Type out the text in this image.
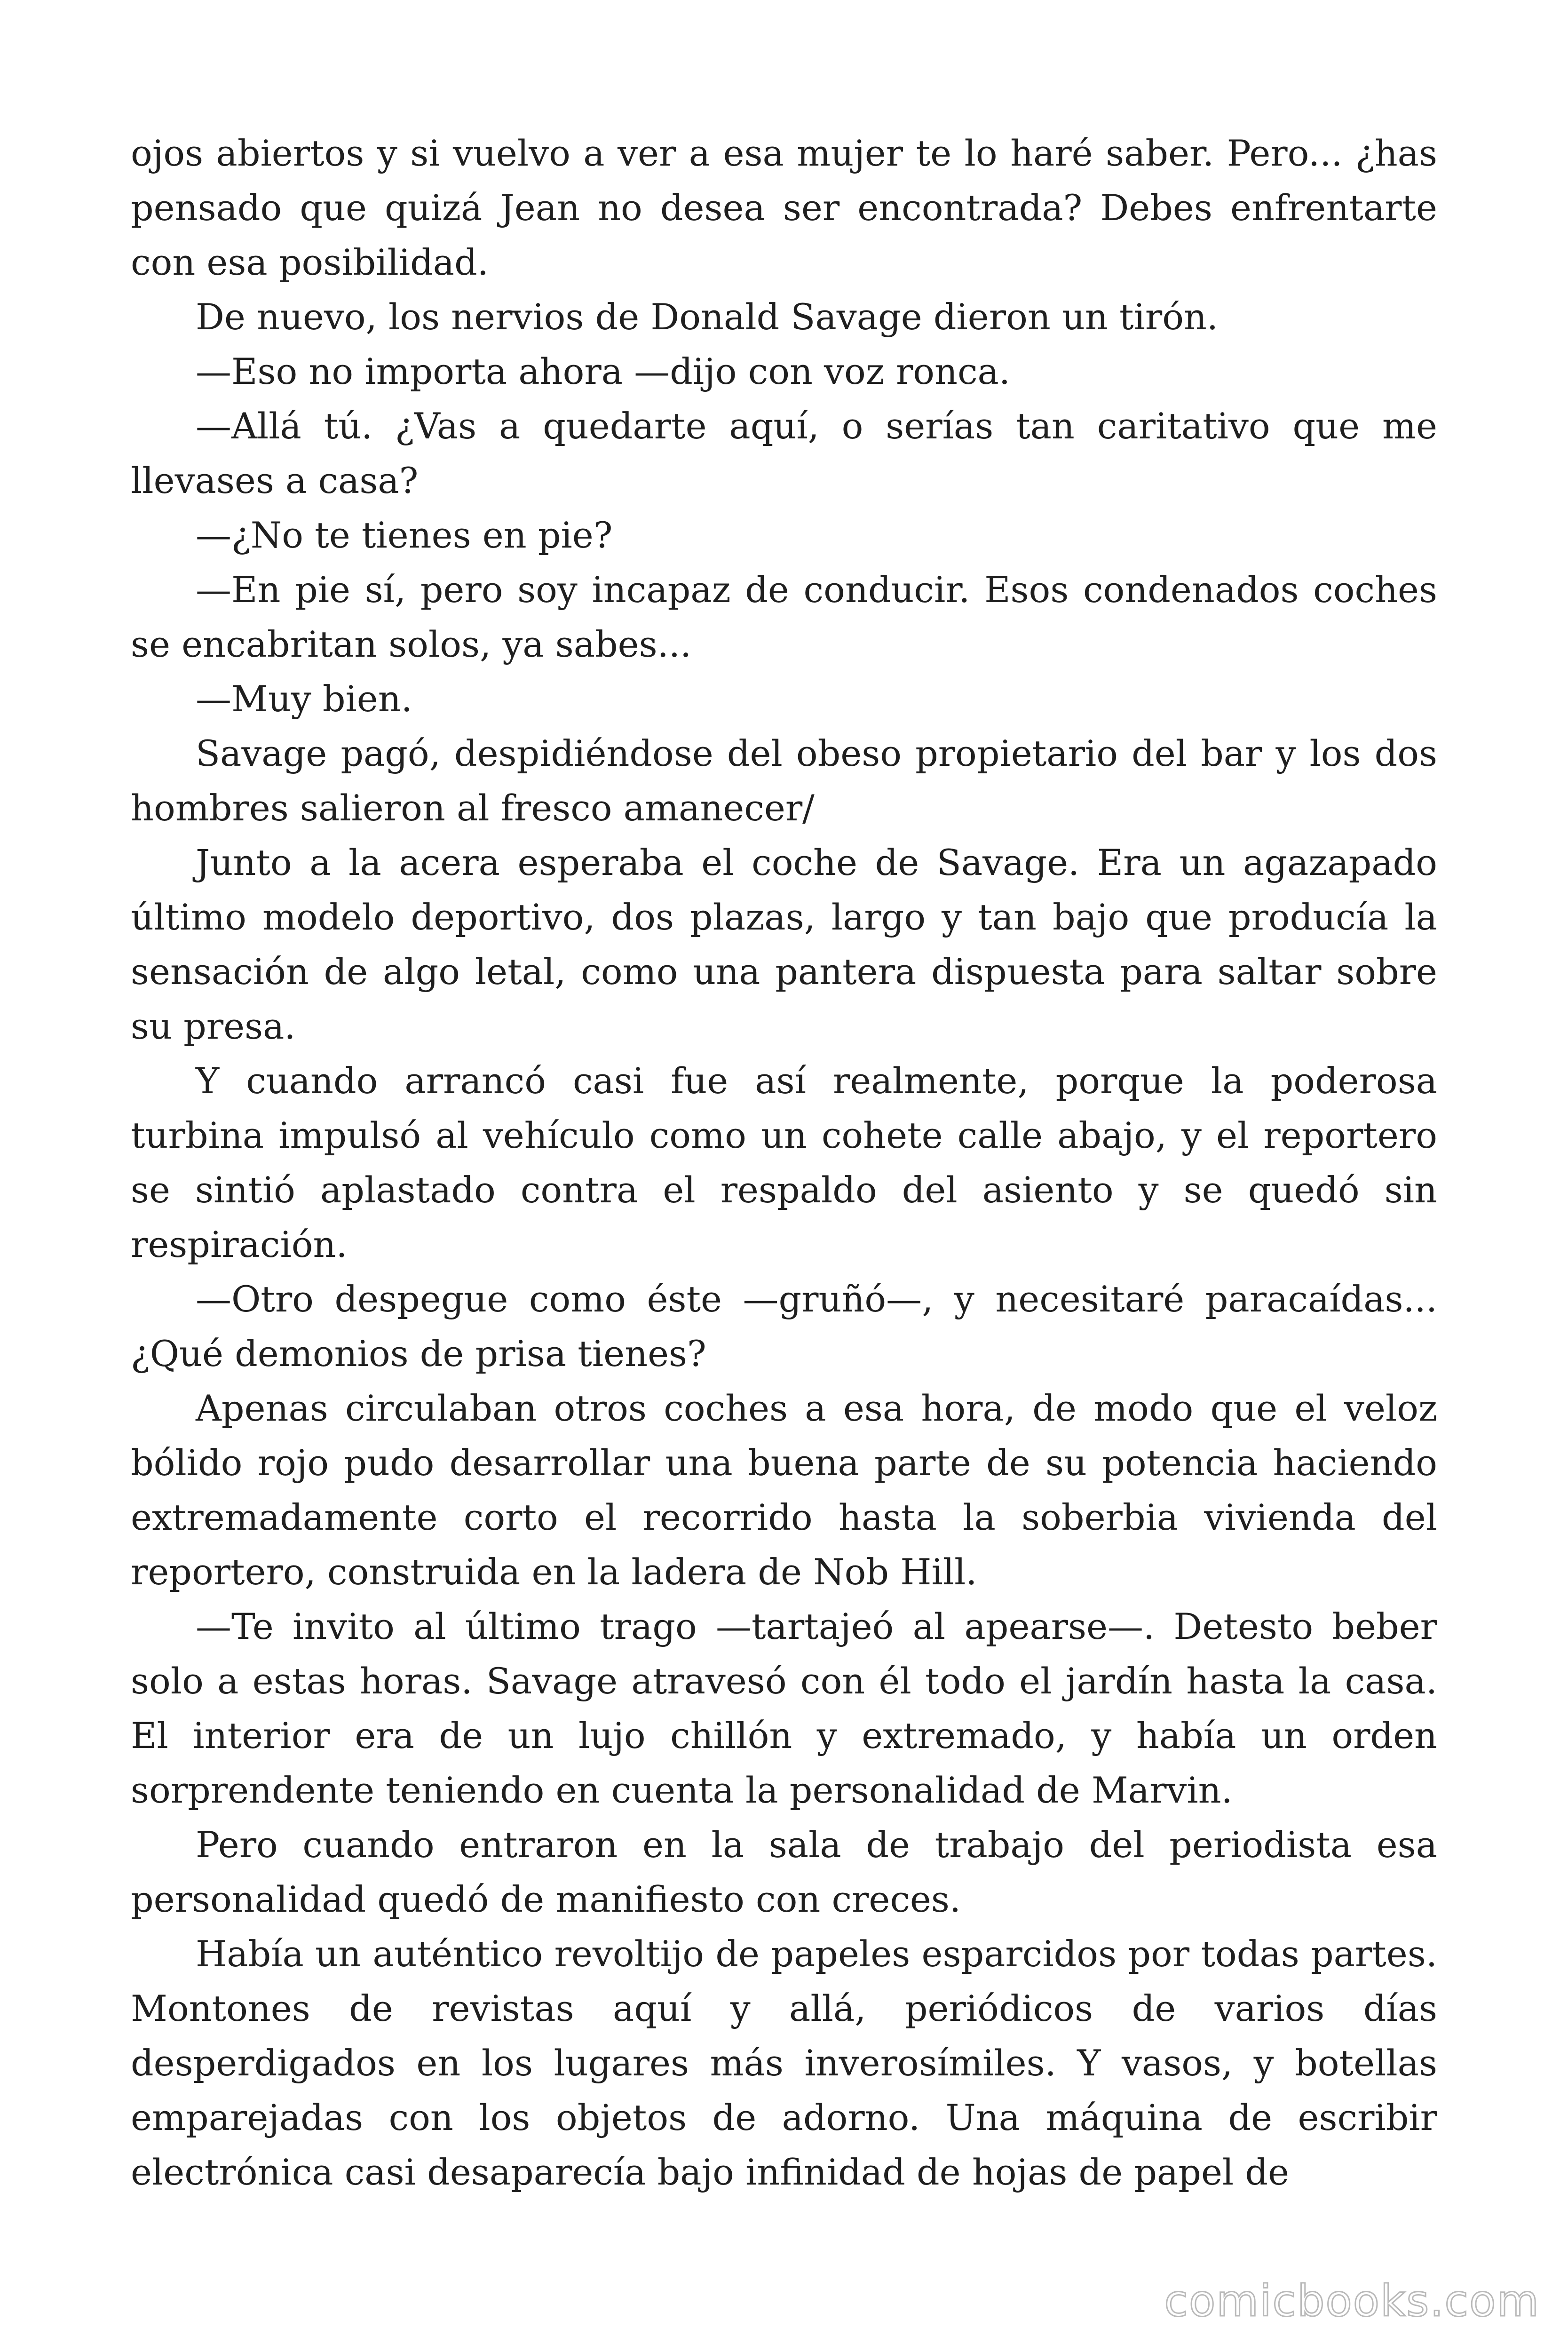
ojos abiertos y si vuelvo a ver a esa mujer te lo haré saber. Pero... ¿has pensado que quizá Jean no desea ser encontrada? Debes enfrentarte con esa posibilidad.

De nuevo, los nervios de Donald Savage dieron un tirón.

—Eso no importa ahora —dijo con voz ronca.

—Allá tú. ¿Vas a quedarte aquí, o serías tan caritativo que me llevases a casa?

—¿No te tienes en pie?

—En pie sí, pero soy incapaz de conducir. Esos condenados coches se encabritan solos, ya sabes...

—Muy bien.

Savage pagó, despidiéndose del obeso propietario del bar y los dos hombres salieron al fresco amanecer/

Junto a la acera esperaba el coche de Savage. Era un agazapado último modelo deportivo, dos plazas, largo y tan bajo que producía la sensación de algo letal, como una pantera dispuesta para saltar sobre su presa.

Y cuando arrancó casi fue así realmente, porque la poderosa turbina impulsó al vehículo como un cohete calle abajo, y el reportero se sintió aplastado contra el respaldo del asiento y se quedó sin respiración.

—Otro despegue como éste —gruñó—, y necesitaré paracaídas... ¿Qué demonios de prisa tienes?

Apenas circulaban otros coches a esa hora, de modo que el veloz bólido rojo pudo desarrollar una buena parte de su potencia haciendo extremadamente corto el recorrido hasta la soberbia vivienda del reportero, construida en la ladera de Nob Hill.

—Te invito al último trago —tartajeó al apearse—. Detesto beber solo a estas horas. Savage atravesó con él todo el jardín hasta la casa. El interior era de un lujo chillón y extremado, y había un orden sorprendente teniendo en cuenta la personalidad de Marvin.

Pero cuando entraron en la sala de trabajo del periodista esa personalidad quedó de manifiesto con creces.

Había un auténtico revoltijo de papeles esparcidos por todas partes. Montones de revistas aquí y allá, periódicos de varios días desperdigados en los lugares más inverosímiles. Y vasos, y botellas emparejadas con los objetos de adorno. Una máquina de escribir electrónica casi desaparecía bajo infinidad de hojas de papel de

comicbooks.com
